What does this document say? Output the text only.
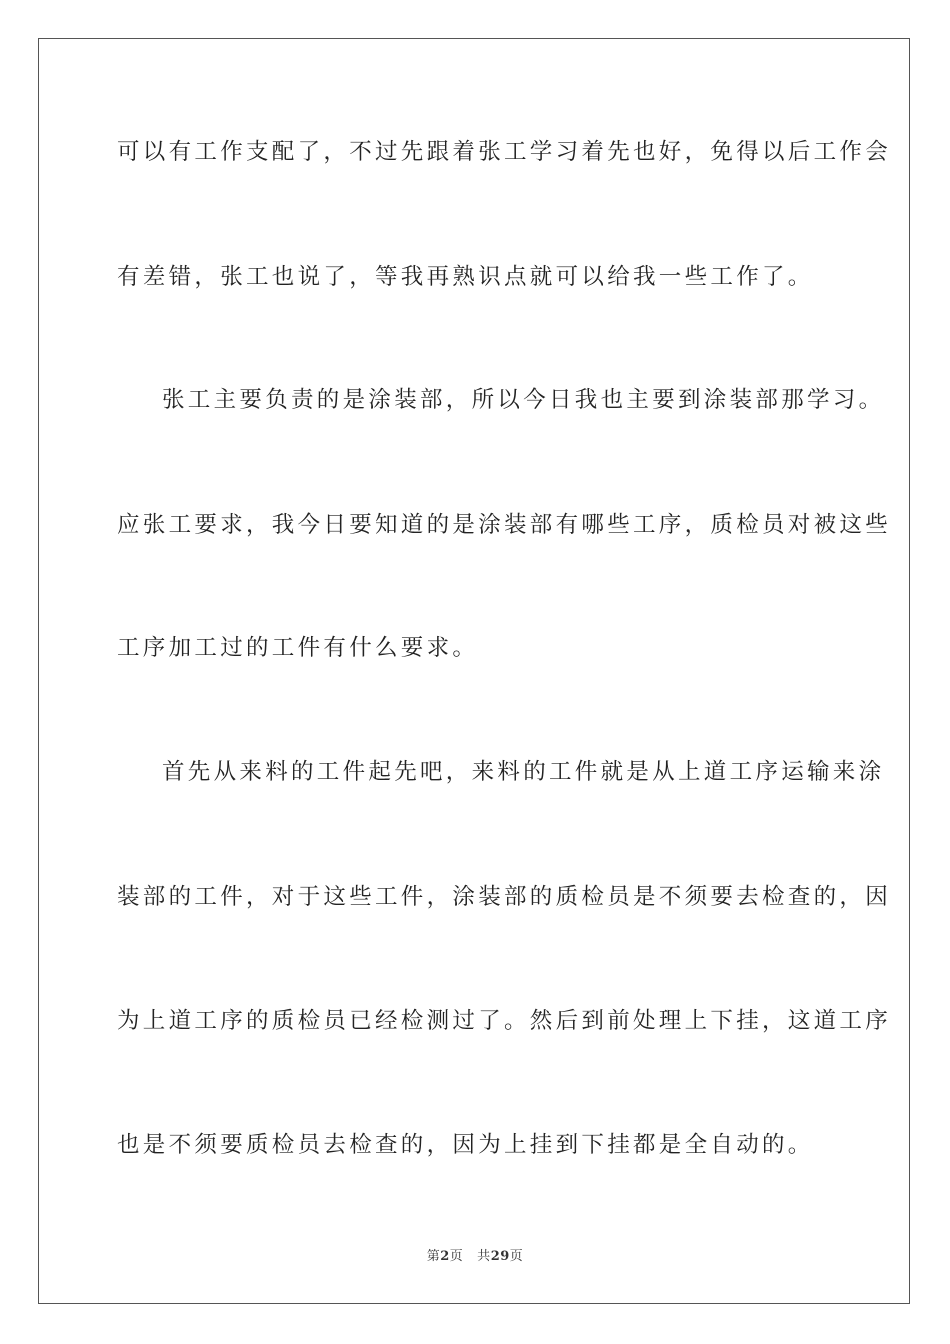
可以有工作支配了，不过先跟着张工学习着先也好，免得以后工作会
有差错，张工也说了，等我再熟识点就可以给我一些工作了。
张工主要负责的是涂装部，所以今日我也主要到涂装部那学习。
应张工要求，我今日要知道的是涂装部有哪些工序，质检员对被这些
工序加工过的工件有什么要求。
首先从来料的工件起先吧，来料的工件就是从上道工序运输来涂
装部的工件，对于这些工件，涂装部的质检员是不须要去检查的，因
为上道工序的质检员已经检测过了。然后到前处理上下挂，这道工序
也是不须要质检员去检查的，因为上挂到下挂都是全自动的。
第2页 共29页
